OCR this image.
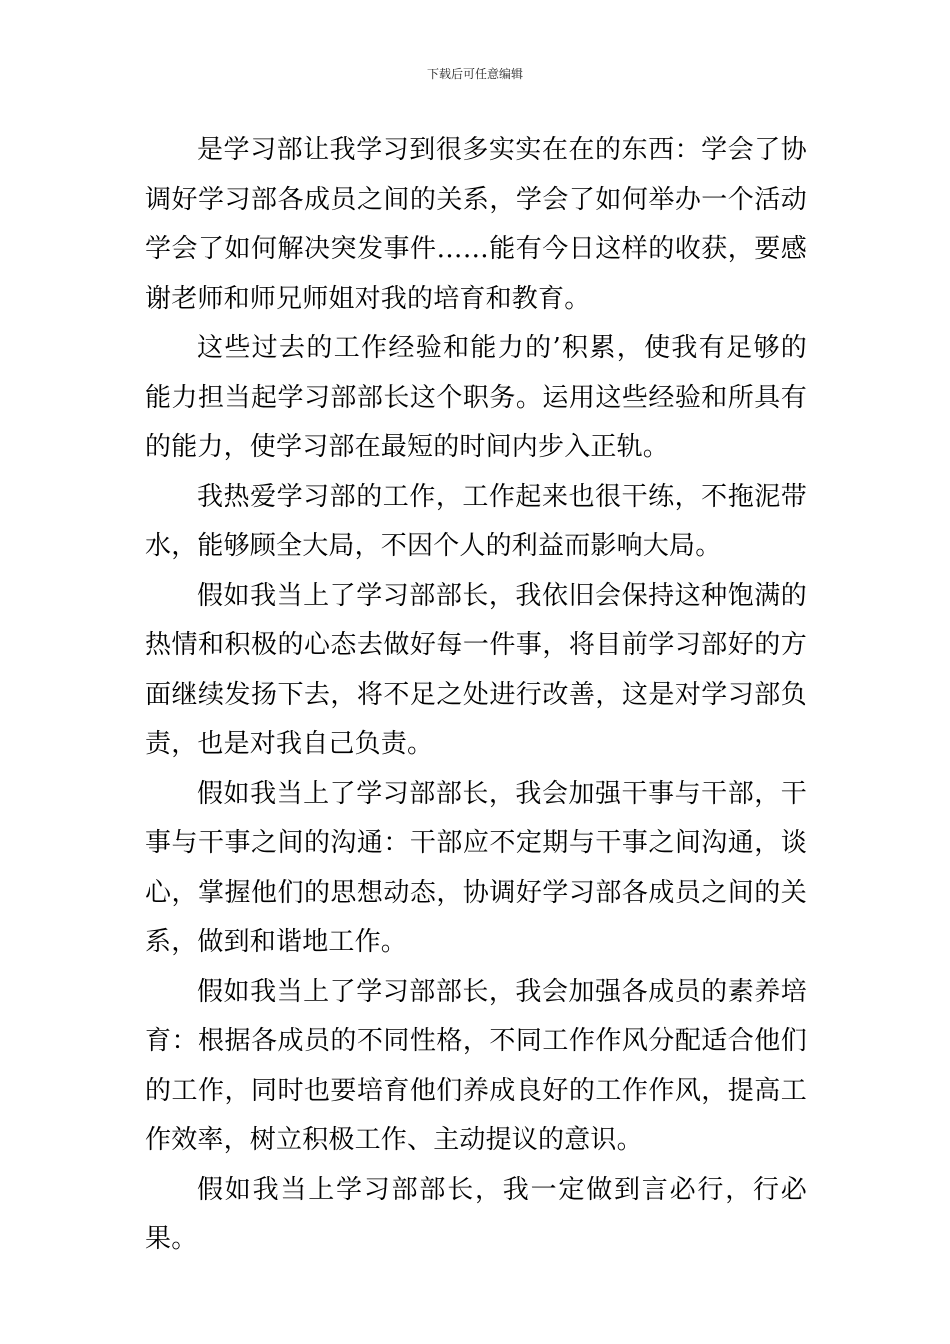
下载后可任意编辑

是学习部让我学习到很多实实在在的东西：学会了协调好学习部各成员之间的关系，学会了如何举办一个活动学会了如何解决突发事件……能有今日这样的收获，要感谢老师和师兄师姐对我的培育和教育。

这些过去的工作经验和能力的’积累，使我有足够的能力担当起学习部部长这个职务。运用这些经验和所具有的能力，使学习部在最短的时间内步入正轨。

我热爱学习部的工作，工作起来也很干练，不拖泥带水，能够顾全大局，不因个人的利益而影响大局。

假如我当上了学习部部长，我依旧会保持这种饱满的热情和积极的心态去做好每一件事，将目前学习部好的方面继续发扬下去，将不足之处进行改善，这是对学习部负责，也是对我自己负责。

假如我当上了学习部部长，我会加强干事与干部，干事与干事之间的沟通：干部应不定期与干事之间沟通，谈心，掌握他们的思想动态，协调好学习部各成员之间的关系，做到和谐地工作。

假如我当上了学习部部长，我会加强各成员的素养培育：根据各成员的不同性格，不同工作作风分配适合他们的工作，同时也要培育他们养成良好的工作作风，提高工作效率，树立积极工作、主动提议的意识。

假如我当上学习部部长，我一定做到言必行，行必果。
